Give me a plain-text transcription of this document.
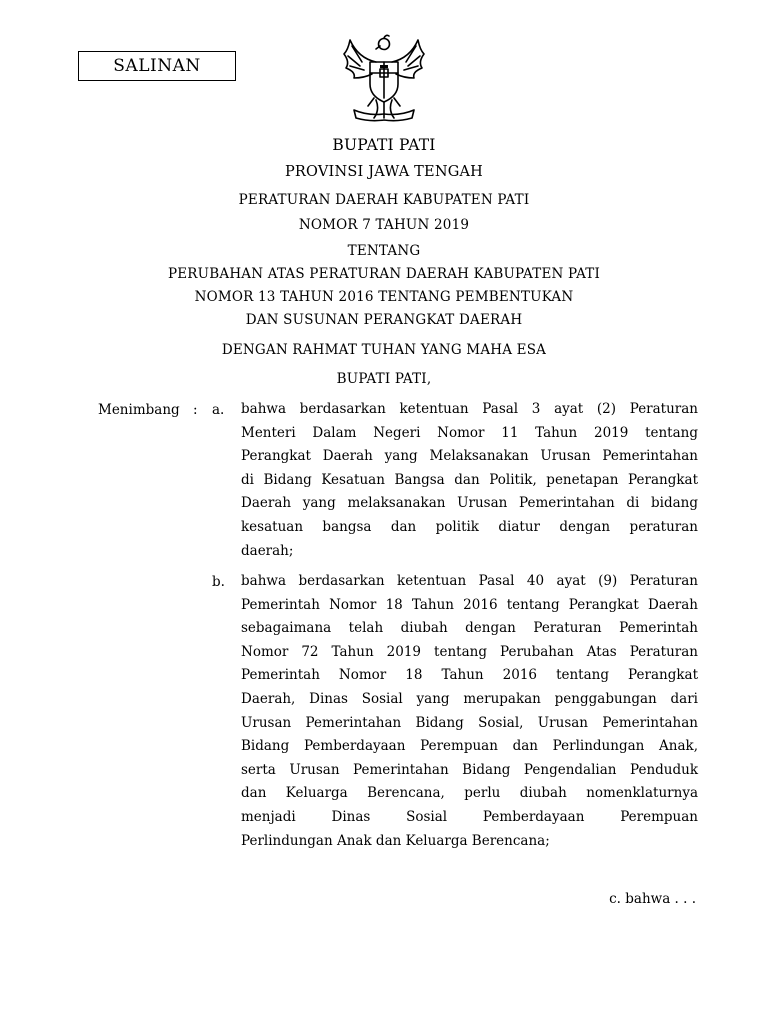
SALINAN
BUPATI PATI
PROVINSI JAWA TENGAH
PERATURAN DAERAH KABUPATEN PATI
NOMOR 7 TAHUN 2019
TENTANG
PERUBAHAN ATAS PERATURAN DAERAH KABUPATEN PATI
NOMOR 13 TAHUN 2016 TENTANG PEMBENTUKAN
DAN SUSUNAN PERANGKAT DAERAH
DENGAN RAHMAT TUHAN YANG MAHA ESA
BUPATI PATI,
Menimbang : a. bahwa berdasarkan ketentuan Pasal 3 ayat (2) Peraturan
Menteri Dalam Negeri Nomor 11 Tahun 2019 tentang
Perangkat Daerah yang Melaksanakan Urusan Pemerintahan
di Bidang Kesatuan Bangsa dan Politik, penetapan Perangkat
Daerah yang melaksanakan Urusan Pemerintahan di bidang
kesatuan bangsa dan politik diatur dengan peraturan
daerah;

b. bahwa berdasarkan ketentuan Pasal 40 ayat (9) Peraturan
Pemerintah Nomor 18 Tahun 2016 tentang Perangkat Daerah
sebagaimana telah diubah dengan Peraturan Pemerintah
Nomor 72 Tahun 2019 tentang Perubahan Atas Peraturan
Pemerintah Nomor 18 Tahun 2016 tentang Perangkat
Daerah, Dinas Sosial yang merupakan penggabungan dari
Urusan Pemerintahan Bidang Sosial, Urusan Pemerintahan
Bidang Pemberdayaan Perempuan dan Perlindungan Anak,
serta Urusan Pemerintahan Bidang Pengendalian Penduduk
dan Keluarga Berencana, perlu diubah nomenklaturnya
menjadi Dinas Sosial Pemberdayaan Perempuan
Perlindungan Anak dan Keluarga Berencana;

c. bahwa . . .
